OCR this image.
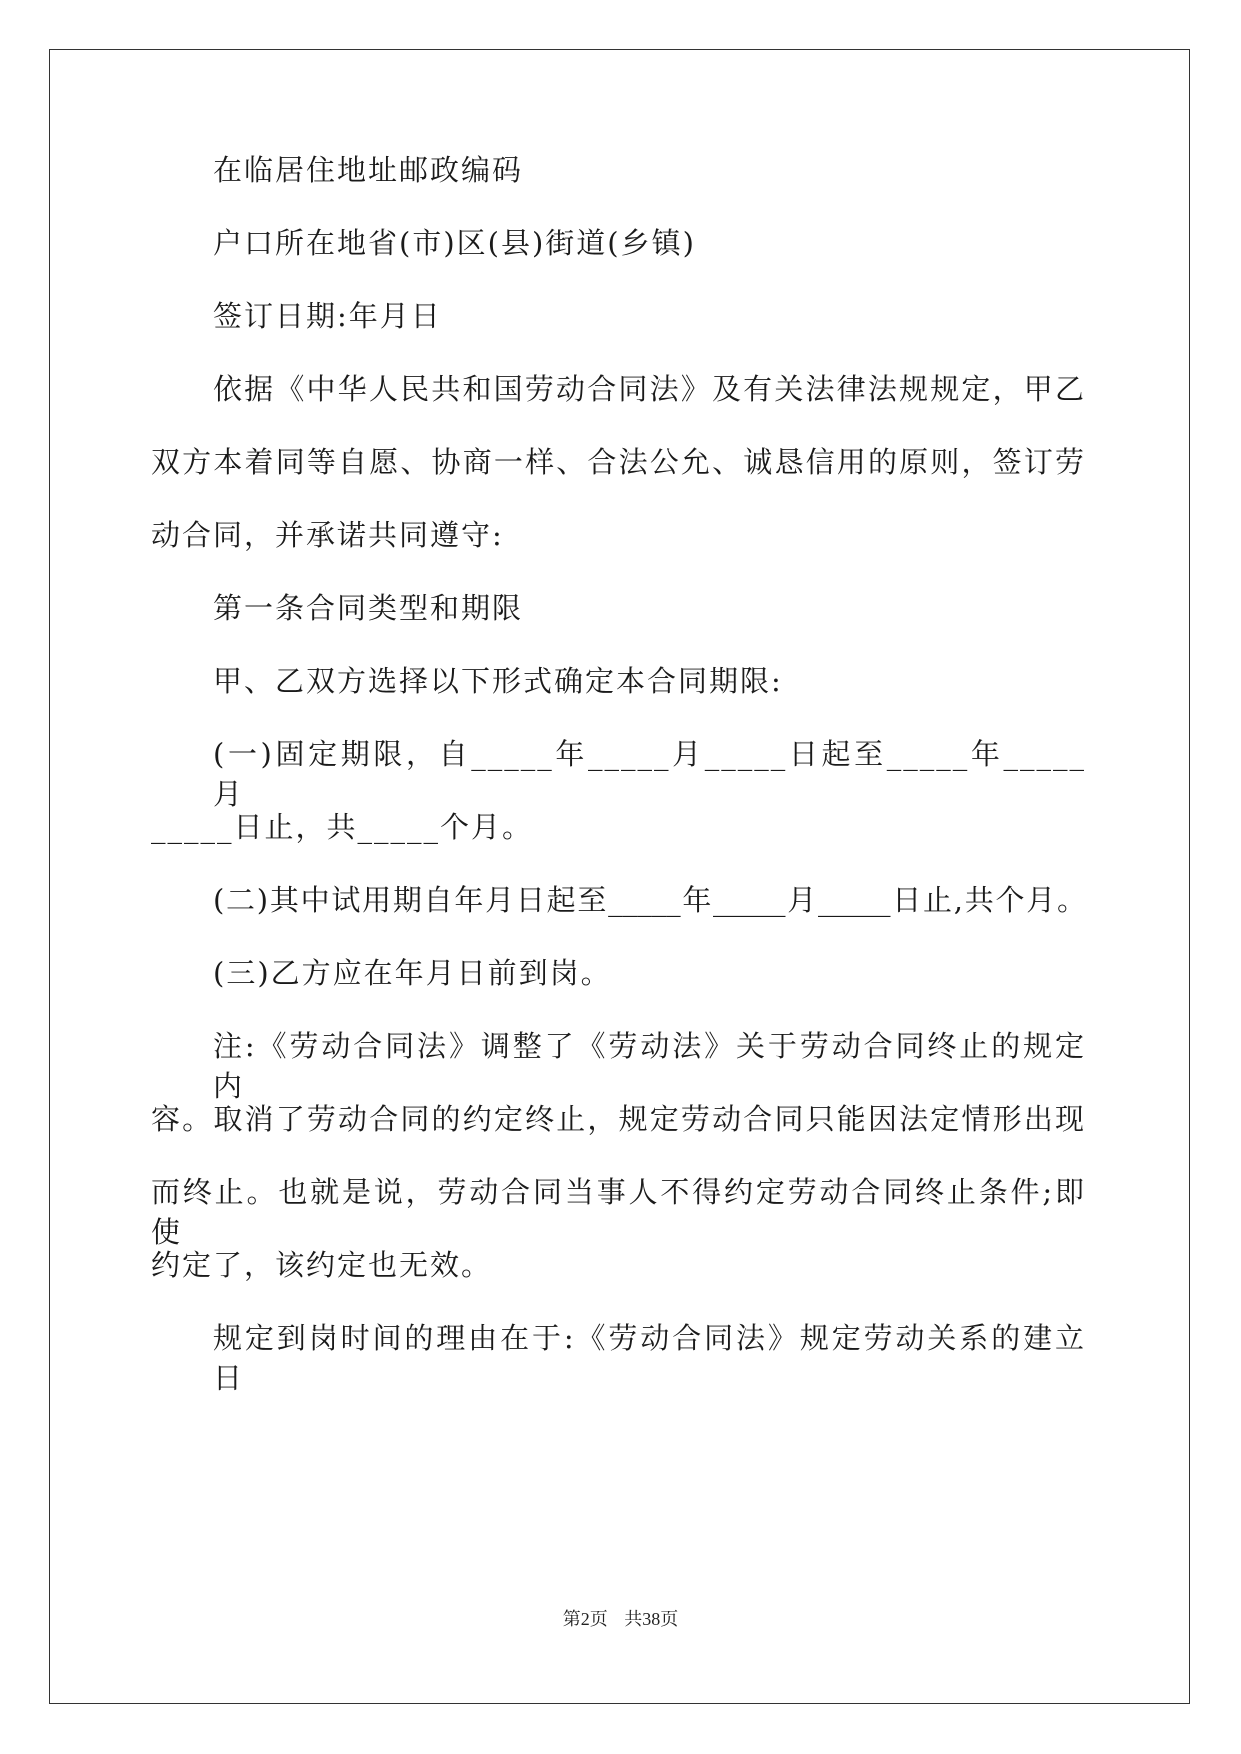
在临居住地址邮政编码
户口所在地省(市)区(县)街道(乡镇)
签订日期:年月日
依据《中华人民共和国劳动合同法》及有关法律法规规定，甲乙
双方本着同等自愿、协商一样、合法公允、诚恳信用的原则，签订劳
动合同，并承诺共同遵守:
第一条合同类型和期限
甲、乙双方选择以下形式确定本合同期限:
(一)固定期限，自_____年_____月_____日起至_____年_____月
_____日止，共_____个月。
(二)其中试用期自年月日起至_____年_____月_____日止,共个月。
(三)乙方应在年月日前到岗。
注:《劳动合同法》调整了《劳动法》关于劳动合同终止的规定内
容。取消了劳动合同的约定终止，规定劳动合同只能因法定情形出现
而终止。也就是说，劳动合同当事人不得约定劳动合同终止条件;即使
约定了，该约定也无效。
规定到岗时间的理由在于:《劳动合同法》规定劳动关系的建立日
第2页 共38页
